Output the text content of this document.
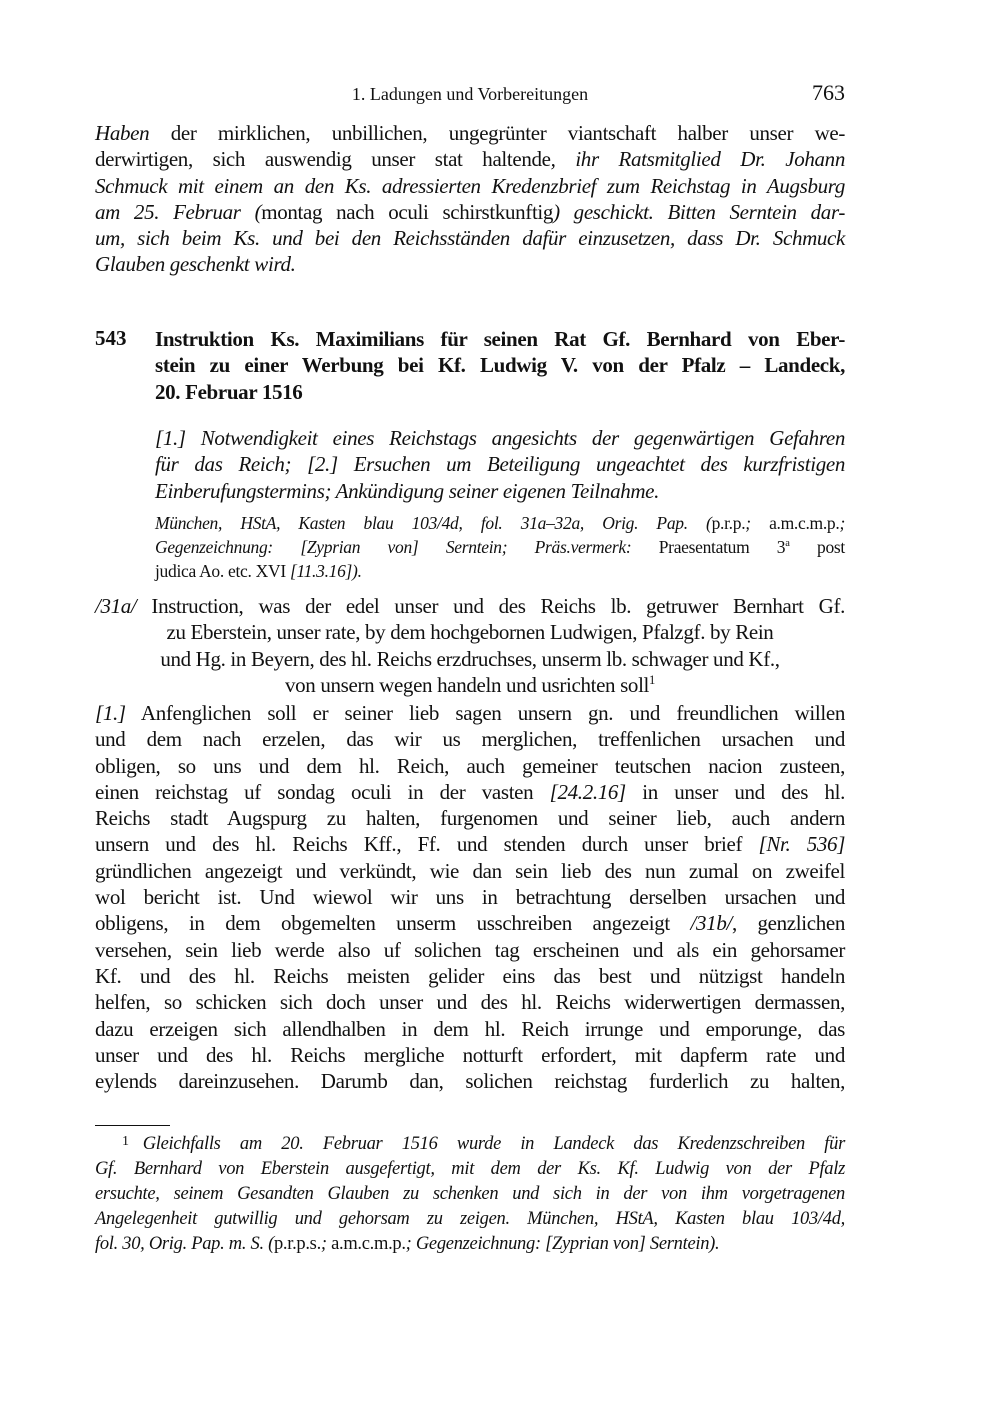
1. Ladungen und Vorbereitungen	763
Haben der mirklichen, unbillichen, ungegrünter viantschaft halber unser we-
derwirtigen, sich auswendig unser stat haltende, ihr Ratsmitglied Dr. Johann
Schmuck mit einem an den Ks. adressierten Kredenzbrief zum Reichstag in Augsburg
am 25. Februar (montag nach oculi schirstkunftig) geschickt. Bitten Serntein dar-
um, sich beim Ks. und bei den Reichsständen dafür einzusetzen, dass Dr. Schmuck
Glauben geschenkt wird.
543 Instruktion Ks. Maximilians für seinen Rat Gf. Bernhard von Eber-
stein zu einer Werbung bei Kf. Ludwig V. von der Pfalz – Landeck,
20. Februar 1516
[1.] Notwendigkeit eines Reichstags angesichts der gegenwärtigen Gefahren
für das Reich; [2.] Ersuchen um Beteiligung ungeachtet des kurzfristigen
Einberufungstermins; Ankündigung seiner eigenen Teilnahme.
München, HStA, Kasten blau 103/4d, fol. 31a–32a, Orig. Pap. (p.r.p.; a.m.c.m.p.;
Gegenzeichnung: [Zyprian von] Serntein; Präs.vermerk: Praesentatum 3$^a$ post
judica Ao. etc. XVI [11.3.16]).
/31a/ Instruction, was der edel unser und des Reichs lb. getruwer Bernhart Gf.
zu Eberstein, unser rate, by dem hochgebornen Ludwigen, Pfalzgf. by Rein
und Hg. in Beyern, des hl. Reichs erzdruchses, unserm lb. schwager und Kf.,
von unsern wegen handeln und usrichten soll$^1$
[1.] Anfenglichen soll er seiner lieb sagen unsern gn. und freundlichen willen
und dem nach erzelen, das wir us merglichen, treffenlichen ursachen und
obligen, so uns und dem hl. Reich, auch gemeiner teutschen nacion zusteen,
einen reichstag uf sondag oculi in der vasten [24.2.16] in unser und des hl.
Reichs stadt Augspurg zu halten, furgenomen und seiner lieb, auch andern
unsern und des hl. Reichs Kff., Ff. und stenden durch unser brief [Nr. 536]
gründlichen angezeigt und verkündt, wie dan sein lieb des nun zumal on zweifel
wol bericht ist. Und wiewol wir uns in betrachtung derselben ursachen und
obligens, in dem obgemelten unserm usschreiben angezeigt /31b/, genzlichen
versehen, sein lieb werde also uf solichen tag erscheinen und als ein gehorsamer
Kf. und des hl. Reichs meisten gelider eins das best und nützigst handeln
helfen, so schicken sich doch unser und des hl. Reichs widerwertigen dermassen,
dazu erzeigen sich allendhalben in dem hl. Reich irrunge und emporunge, das
unser und des hl. Reichs mergliche notturft erfordert, mit dapferm rate und
eylends dareinzusehen. Darumb dan, solichen reichstag furderlich zu halten,
1 Gleichfalls am 20. Februar 1516 wurde in Landeck das Kredenzschreiben für
Gf. Bernhard von Eberstein ausgefertigt, mit dem der Ks. Kf. Ludwig von der Pfalz
ersuchte, seinem Gesandten Glauben zu schenken und sich in der von ihm vorgetragenen
Angelegenheit gutwillig und gehorsam zu zeigen. München, HStA, Kasten blau 103/4d,
fol. 30, Orig. Pap. m. S. (p.r.p.s.; a.m.c.m.p.; Gegenzeichnung: [Zyprian von] Serntein).
